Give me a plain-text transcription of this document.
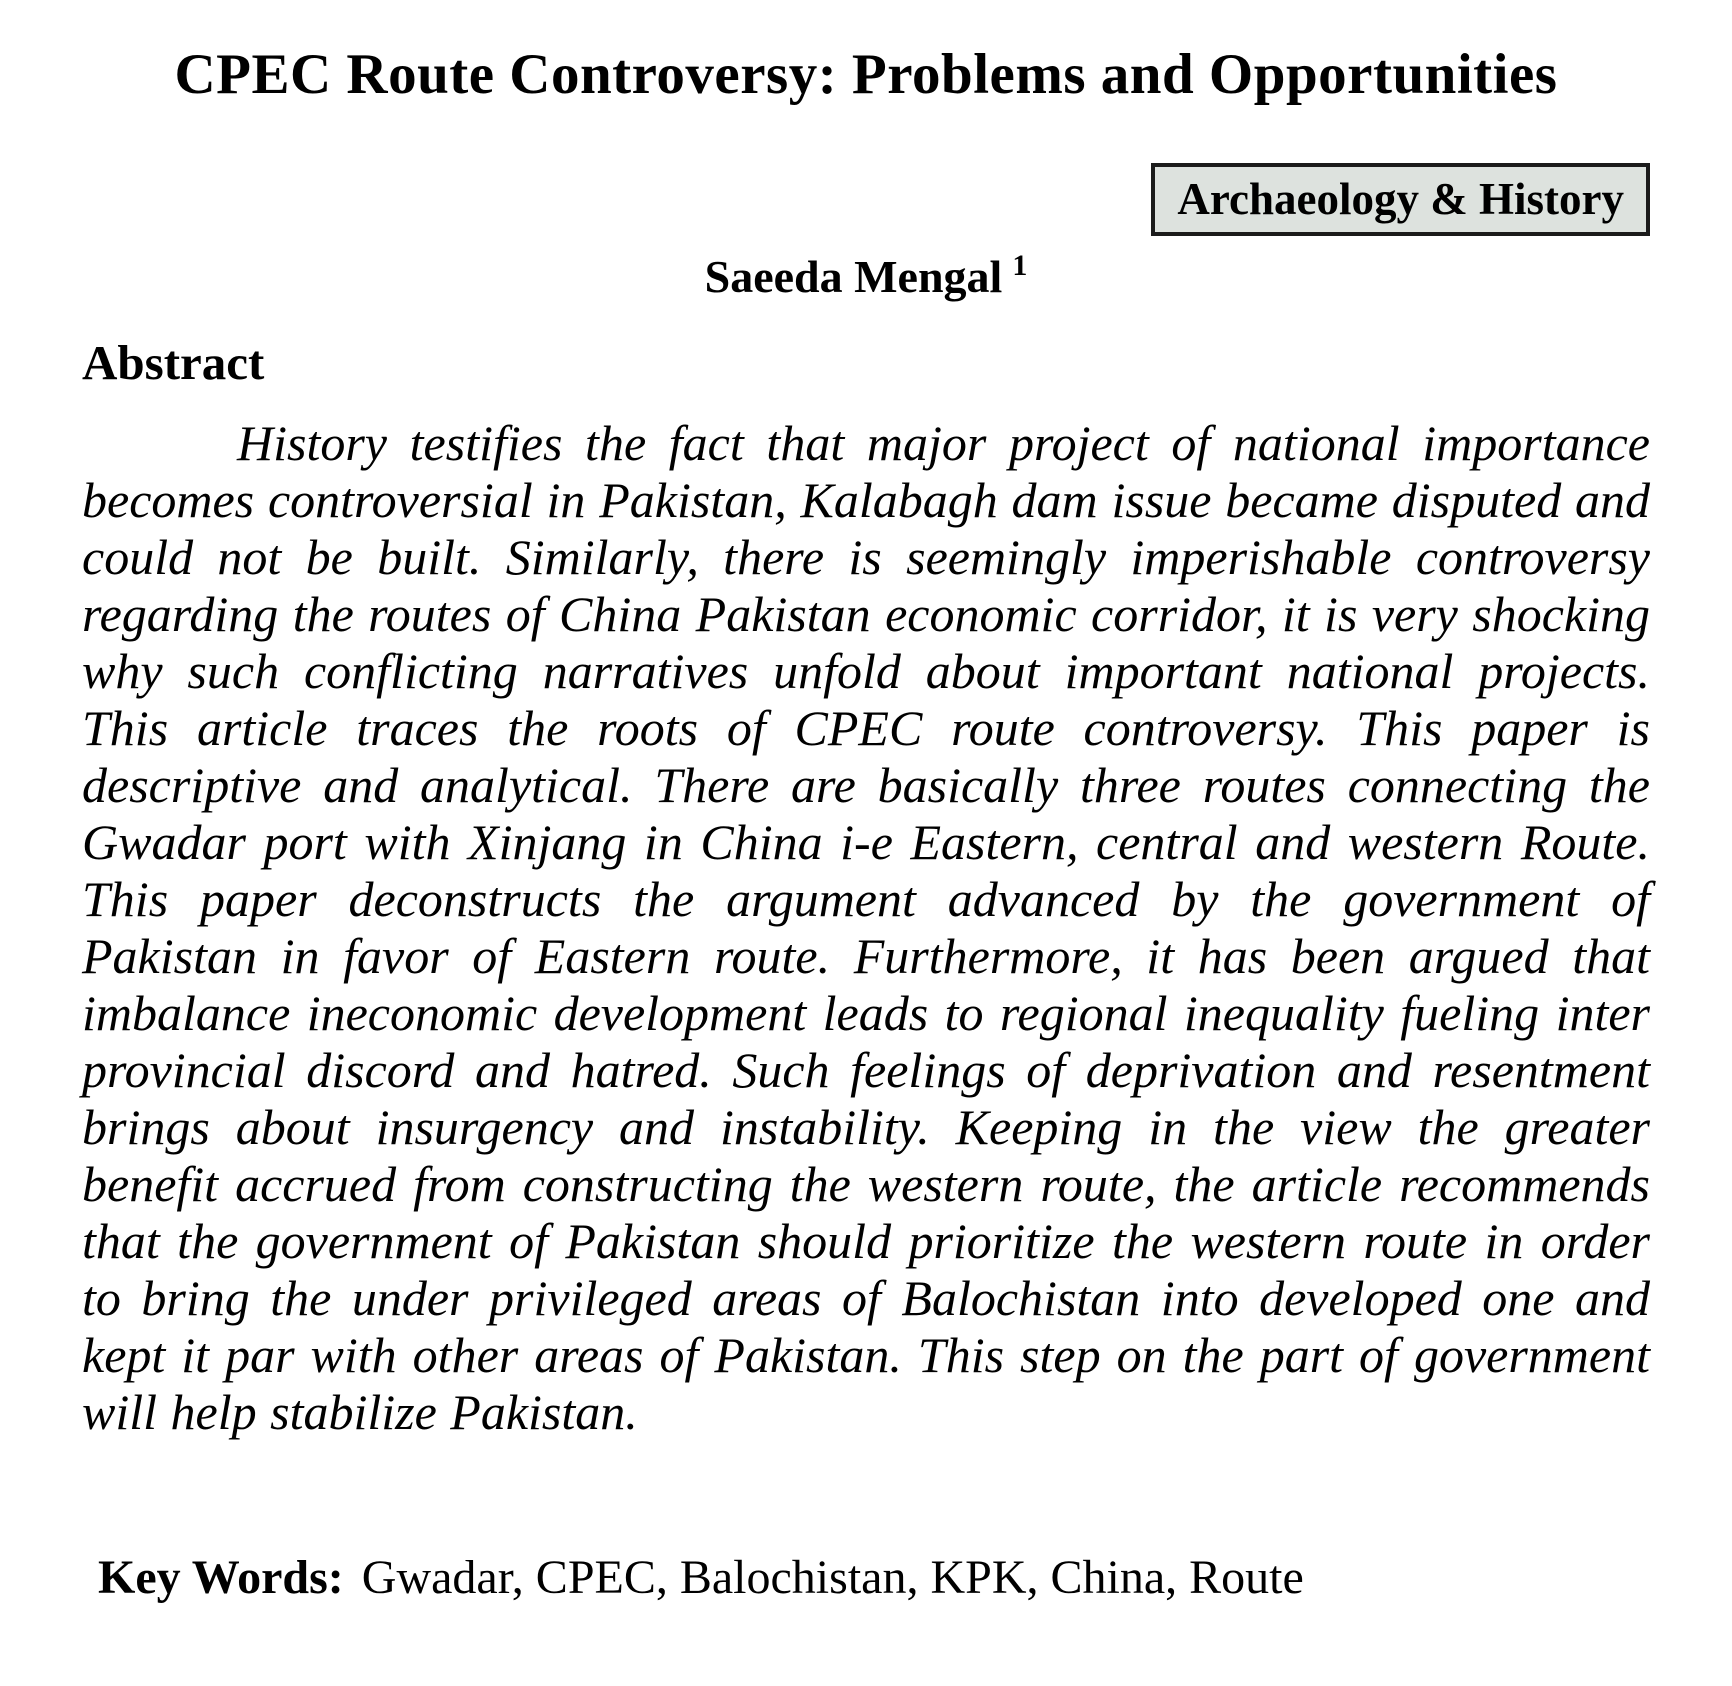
CPEC Route Controversy: Problems and Opportunities
Archaeology & History
Saeeda Mengal $^1$
Abstract

History testifies the fact that major project of national importance becomes controversial in Pakistan, Kalabagh dam issue became disputed and could not be built. Similarly, there is seemingly imperishable controversy regarding the routes of China Pakistan economic corridor, it is very shocking why such conflicting narratives unfold about important national projects. This article traces the roots of CPEC route controversy. This paper is descriptive and analytical. There are basically three routes connecting the Gwadar port with Xinjang in China i-e Eastern, central and western Route. This paper deconstructs the argument advanced by the government of Pakistan in favor of Eastern route. Furthermore, it has been argued that imbalance ineconomic development leads to regional inequality fueling inter provincial discord and hatred. Such feelings of deprivation and resentment brings about insurgency and instability. Keeping in the view the greater benefit accrued from constructing the western route, the article recommends that the government of Pakistan should prioritize the western route in order to bring the under privileged areas of Balochistan into developed one and kept it par with other areas of Pakistan. This step on the part of government will help stabilize Pakistan.

Key Words: Gwadar, CPEC, Balochistan, KPK, China, Route
